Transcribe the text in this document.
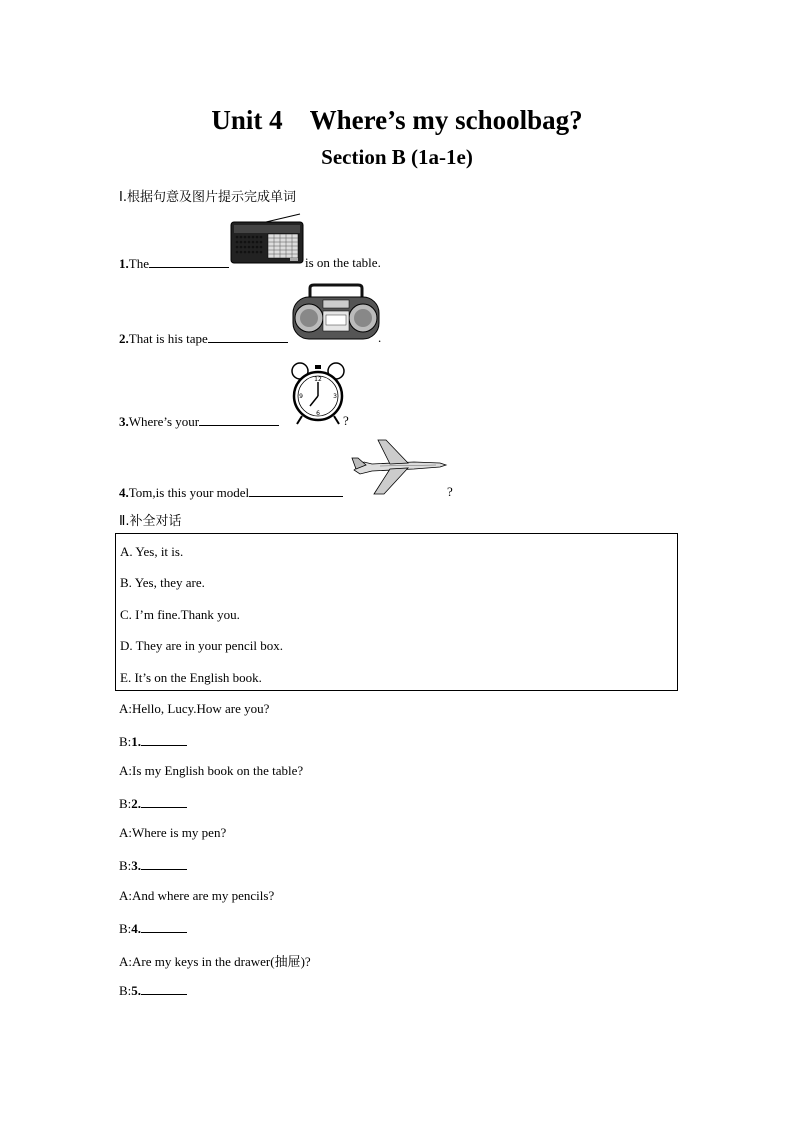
Unit 4　Where’s my schoolbag?
Section B (1a-1e)
Ⅰ.根据句意及图片提示完成单词
1.The	is on the table.
2.That is his tape	.
3.Where’s your
12
3
6
9
?
4.Tom,is this your model	?
Ⅱ.补全对话
A. Yes, it is.
B. Yes, they are.
C. I’m fine.Thank you.
D. They are in your pencil box.
E. It’s on the English book.
A:Hello, Lucy.How are you?
B:1.
A:Is my English book on the table?
B:2.
A:Where is my pen?
B:3.
A:And where are my pencils?
B:4.
A:Are my keys in the drawer(抽屉)?
B:5.
